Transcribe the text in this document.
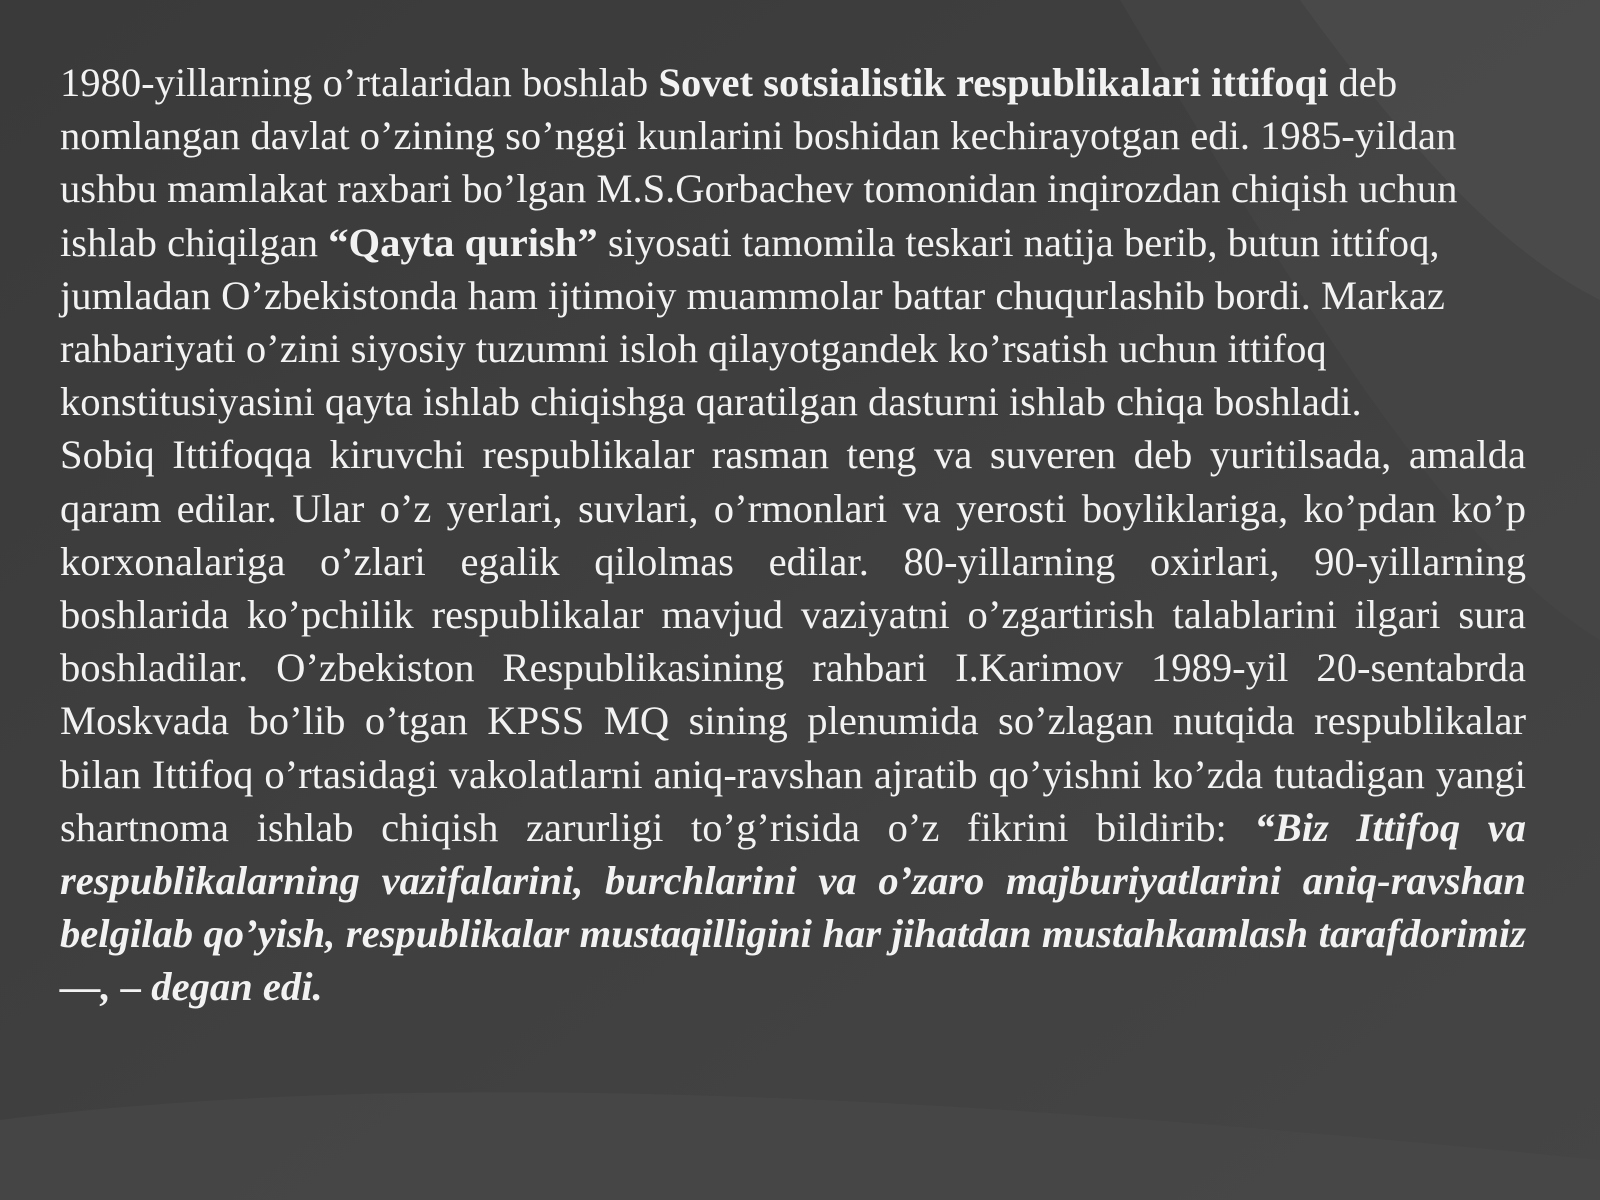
1980-yillarning o’rtalaridan boshlab Sovet sotsialistik respublikalari ittifoqi deb nomlangan davlat o’zining so’nggi kunlarini boshidan kechirayotgan edi. 1985-yildan ushbu mamlakat raxbari bo’lgan M.S.Gorbachev tomonidan inqirozdan chiqish uchun ishlab chiqilgan “Qayta qurish” siyosati tamomila teskari natija berib, butun ittifoq, jumladan O’zbekistonda ham ijtimoiy muammolar battar chuqurlashib bordi. Markaz rahbariyati o’zini siyosiy tuzumni isloh qilayotgandek ko’rsatish uchun ittifoq konstitusiyasini qayta ishlab chiqishga qaratilgan dasturni ishlab chiqa boshladi.

Sobiq Ittifoqqa kiruvchi respublikalar rasman teng va suveren deb yuritilsada, amalda qaram edilar. Ular o’z yerlari, suvlari, o’rmonlari va yerosti boyliklariga, ko’pdan ko’p korxonalariga o’zlari egalik qilolmas edilar. 80-yillarning oxirlari, 90-yillarning boshlarida ko’pchilik respublikalar mavjud vaziyatni o’zgartirish talablarini ilgari sura boshladilar. O’zbekiston Respublikasining rahbari I.Karimov 1989-yil 20-sentabrda Moskvada bo’lib o’tgan KPSS MQ sining plenumida so’zlagan nutqida respublikalar bilan Ittifoq o’rtasidagi vakolatlarni aniq-ravshan ajratib qo’yishni ko’zda tutadigan yangi shartnoma ishlab chiqish zarurligi to’g’risida o’z fikrini bildirib: “Biz Ittifoq va respublikalarning vazifalarini, burchlarini va o’zaro majburiyatlarini aniq-ravshan belgilab qo’yish, respublikalar mustaqilligini har jihatdan mustahkamlash tarafdorimiz—, – degan edi.
